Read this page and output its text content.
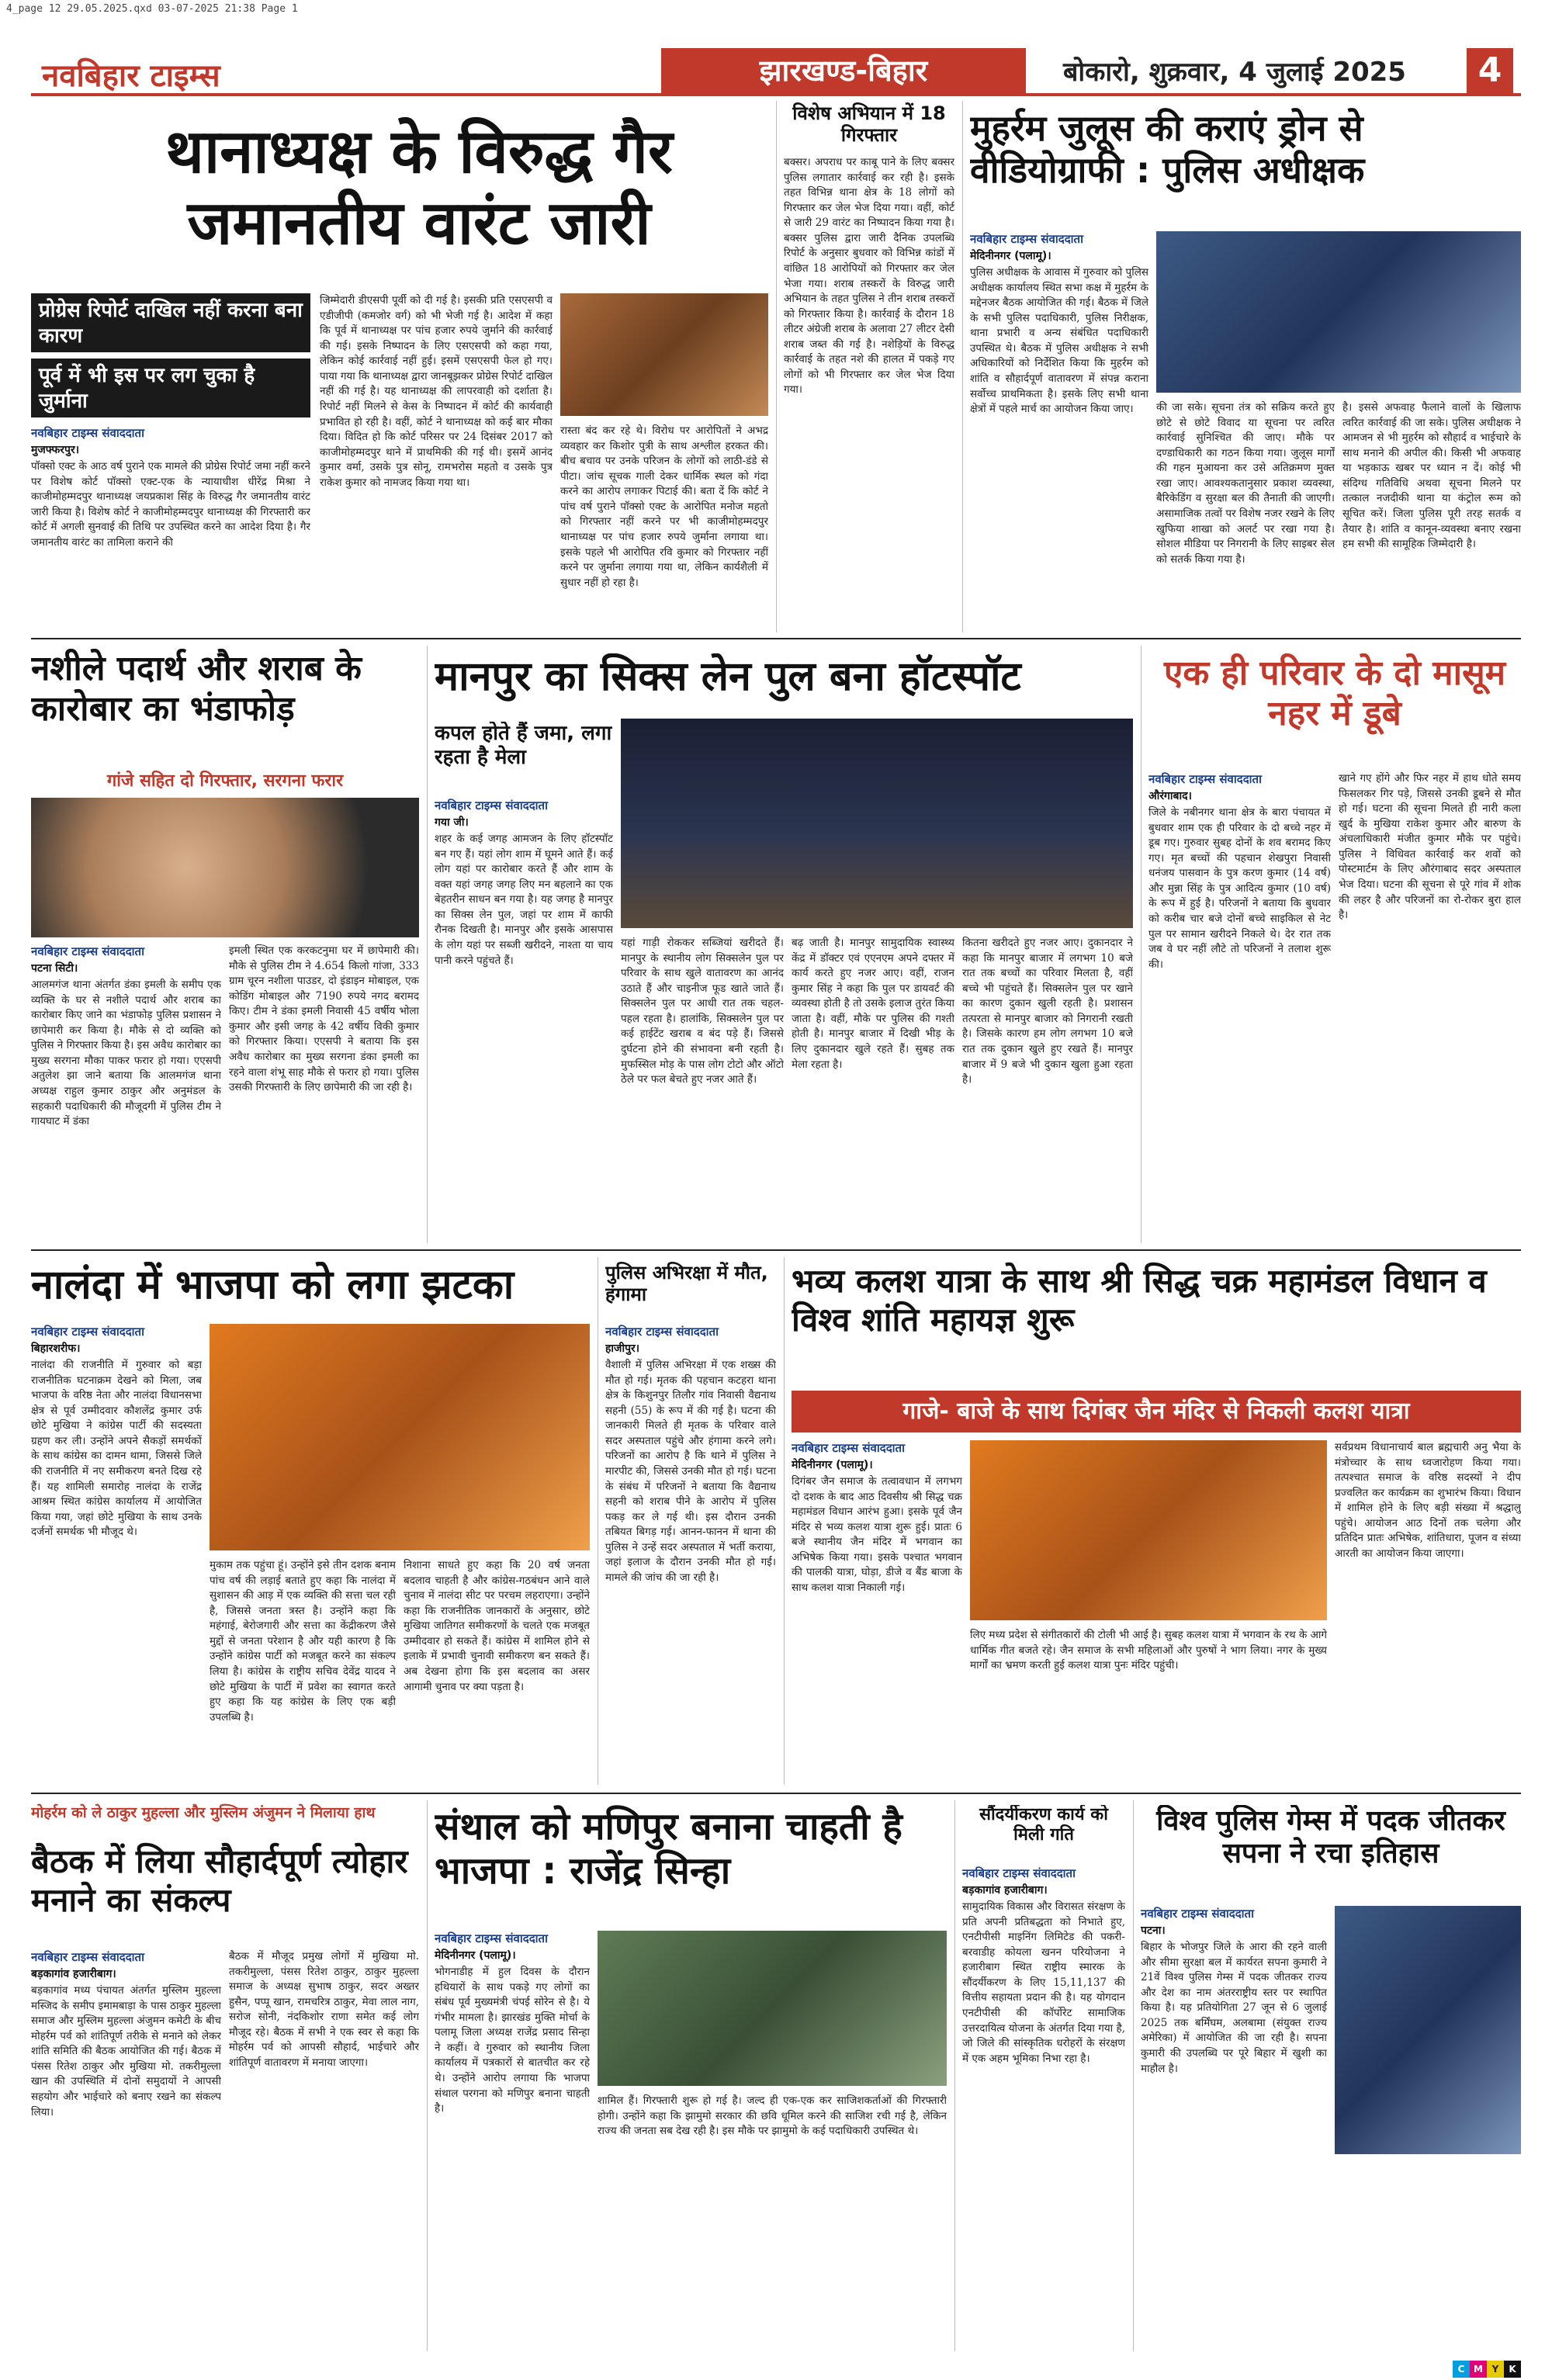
4_page 12 29.05.2025.qxd 03-07-2025 21:38 Page 1
नवबिहार टाइम्स	झारखण्ड-बिहार	बोकारो, शुक्रवार, 4 जुलाई 2025	4
थानाध्यक्ष के विरुद्ध गैर जमानतीय वारंट जारी
प्रोग्रेस रिपोर्ट दाखिल नहीं करना बना कारण
पूर्व में भी इस पर लग चुका है जुर्माना
नवबिहार टाइम्स संवाददाता
मुजफ्फरपुर।
पॉक्सो एक्ट के आठ वर्ष पुराने एक मामले की प्रोग्रेस रिपोर्ट जमा नहीं करने पर विशेष कोर्ट पॉक्सो एक्ट-एक के न्यायाधीश धीरेंद्र मिश्रा ने काजीमोहम्मदपुर थानाध्यक्ष जयप्रकाश सिंह के विरुद्ध गैर जमानतीय वारंट जारी किया है। विशेष कोर्ट ने काजीमोहम्मदपुर थानाध्यक्ष की गिरफ्तारी कर कोर्ट में अगली सुनवाई की तिथि पर उपस्थित करने का आदेश दिया है। गैर जमानतीय वारंट का तामिला कराने की
जिम्मेदारी डीएसपी पूर्वी को दी गई है। इसकी प्रति एसएसपी व एडीजीपी (कमजोर वर्ग) को भी भेजी गई है। आदेश में कहा कि पूर्व में थानाध्यक्ष पर पांच हजार रुपये जुर्माने की कार्रवाई की गई। इसके निष्पादन के लिए एसएसपी को कहा गया, लेकिन कोई कार्रवाई नहीं हुई। इसमें एसएसपी फेल हो गए। पाया गया कि थानाध्यक्ष द्वारा जानबूझकर प्रोग्रेस रिपोर्ट दाखिल नहीं की गई है। यह थानाध्यक्ष की लापरवाही को दर्शाता है। रिपोर्ट नहीं मिलने से केस के निष्पादन में कोर्ट की कार्यवाही प्रभावित हो रही है। वहीं, कोर्ट ने थानाध्यक्ष को कई बार मौका दिया। विदित हो कि कोर्ट परिसर पर 24 दिसंबर 2017 को काजीमोहम्मदपुर थाने में प्राथमिकी की गई थी। इसमें आनंद कुमार वर्मा, उसके पुत्र सोनू, रामभरोस महतो व उसके पुत्र राकेश कुमार को नामजद किया गया था।
रास्ता बंद कर रहे थे। विरोध पर आरोपितों ने अभद्र व्यवहार कर किशोर पुत्री के साथ अश्लील हरकत की। बीच बचाव पर उनके परिजन के लोगों को लाठी-डंडे से पीटा। जांच सूचक गाली देकर धार्मिक स्थल को गंदा करने का आरोप लगाकर पिटाई की। बता दें कि कोर्ट ने पांच वर्ष पुराने पॉक्सो एक्ट के आरोपित मनोज महतो को गिरफ्तार नहीं करने पर भी काजीमोहम्मदपुर थानाध्यक्ष पर पांच हजार रुपये जुर्माना लगाया था। इसके पहले भी आरोपित रवि कुमार को गिरफ्तार नहीं करने पर जुर्माना लगाया गया था, लेकिन कार्यशैली में सुधार नहीं हो रहा है।
विशेष अभियान में 18 गिरफ्तार
बक्सर। अपराध पर काबू पाने के लिए बक्सर पुलिस लगातार कार्रवाई कर रही है। इसके तहत विभिन्न थाना क्षेत्र के 18 लोगों को गिरफ्तार कर जेल भेज दिया गया। वहीं, कोर्ट से जारी 29 वारंट का निष्पादन किया गया है। बक्सर पुलिस द्वारा जारी दैनिक उपलब्धि रिपोर्ट के अनुसार बुधवार को विभिन्न कांडों में वांछित 18 आरोपियों को गिरफ्तार कर जेल भेजा गया। शराब तस्करों के विरुद्ध जारी अभियान के तहत पुलिस ने तीन शराब तस्करों को गिरफ्तार किया है। कार्रवाई के दौरान 18 लीटर अंग्रेजी शराब के अलावा 27 लीटर देसी शराब जब्त की गई है। नशेड़ियों के विरुद्ध कार्रवाई के तहत नशे की हालत में पकड़े गए लोगों को भी गिरफ्तार कर जेल भेज दिया गया।
मुहर्रम जुलूस की कराएं ड्रोन से वीडियोग्राफी : पुलिस अधीक्षक
नवबिहार टाइम्स संवाददाता
मेदिनीनगर (पलामू)।
पुलिस अधीक्षक के आवास में गुरुवार को पुलिस अधीक्षक कार्यालय स्थित सभा कक्ष में मुहर्रम के मद्देनजर बैठक आयोजित की गई। बैठक में जिले के सभी पुलिस पदाधिकारी, पुलिस निरीक्षक, थाना प्रभारी व अन्य संबंधित पदाधिकारी उपस्थित थे। बैठक में पुलिस अधीक्षक ने सभी अधिकारियों को निर्देशित किया कि मुहर्रम को शांति व सौहार्दपूर्ण वातावरण में संपन्न कराना सर्वोच्च प्राथमिकता है। इसके लिए सभी थाना क्षेत्रों में पहले मार्च का आयोजन किया जाए।	की जा सके। सूचना तंत्र को सक्रिय करते हुए छोटे से छोटे विवाद या सूचना पर त्वरित कार्रवाई सुनिश्चित की जाए। मौके पर दण्डाधिकारी का गठन किया गया। जुलूस मार्गों की गहन मुआयना कर उसे अतिक्रमण मुक्त रखा जाए। आवश्यकतानुसार प्रकाश व्यवस्था, बैरिकेडिंग व सुरक्षा बल की तैनाती की जाएगी। असामाजिक तत्वों पर विशेष नजर रखने के लिए खुफिया शाखा को अलर्ट पर रखा गया है। सोशल मीडिया पर निगरानी के लिए साइबर सेल को सतर्क किया गया है।
है। इससे अफवाह फैलाने वालों के खिलाफ त्वरित कार्रवाई की जा सके। पुलिस अधीक्षक ने आमजन से भी मुहर्रम को सौहार्द व भाईचारे के साथ मनाने की अपील की। किसी भी अफवाह या भड़काऊ खबर पर ध्यान न दें। कोई भी संदिग्ध गतिविधि अथवा सूचना मिलने पर तत्काल नजदीकी थाना या कंट्रोल रूम को सूचित करें। जिला पुलिस पूरी तरह सतर्क व तैयार है। शांति व कानून-व्यवस्था बनाए रखना हम सभी की सामूहिक जिम्मेदारी है।
नशीले पदार्थ और शराब के कारोबार का भंडाफोड़
गांजे सहित दो गिरफ्तार, सरगना फरार
नवबिहार टाइम्स संवाददाता
पटना सिटी।
आलमगंज थाना अंतर्गत डंका इमली के समीप एक व्यक्ति के घर से नशीले पदार्थ और शराब का कारोबार किए जाने का भंडाफोड़ पुलिस प्रशासन ने छापेमारी कर किया है। मौके से दो व्यक्ति को पुलिस ने गिरफ्तार किया है। इस अवैध कारोबार का मुख्य सरगना मौका पाकर फरार हो गया। एएसपी अतुलेश झा जाने बताया कि आलमगंज थाना अध्यक्ष राहुल कुमार ठाकुर और अनुमंडल के सहकारी पदाधिकारी की मौजूदगी में पुलिस टीम ने गायघाट में डंका
इमली स्थित एक करकटनुमा घर में छापेमारी की। मौके से पुलिस टीम ने 4.654 किलो गांजा, 333 ग्राम चूरन नशीला पाउडर, दो इंडाइन मोबाइल, एक कोडिंग मोबाइल और 7190 रुपये नगद बरामद किए। टीम ने डंका इमली निवासी 45 वर्षीय भोला कुमार और इसी जगह के 42 वर्षीय विकी कुमार को गिरफ्तार किया। एएसपी ने बताया कि इस अवैध कारोबार का मुख्य सरगना डंका इमली का रहने वाला शंभू साह मौके से फरार हो गया। पुलिस उसकी गिरफ्तारी के लिए छापेमारी की जा रही है।
मानपुर का सिक्स लेन पुल बना हॉटस्पॉट
कपल होते हैं जमा, लगा रहता है मेला
नवबिहार टाइम्स संवाददाता
गया जी।
शहर के कई जगह आमजन के लिए हॉटस्पॉट बन गए हैं। यहां लोग शाम में घूमने आते हैं। कई लोग यहां पर कारोबार करते हैं और शाम के वक्त यहां जगह जगह लिए मन बहलाने का एक बेहतरीन साधन बन गया है। यह जगह है मानपुर का सिक्स लेन पुल, जहां पर शाम में काफी रौनक दिखती है। मानपुर और इसके आसपास के लोग यहां पर सब्जी खरीदने, नाश्ता या चाय पानी करने पहुंचते हैं।
यहां गाड़ी रोककर सब्जियां खरीदते हैं। मानपुर के स्थानीय लोग सिक्सलेन पुल पर परिवार के साथ खुले वातावरण का आनंद उठाते हैं और चाइनीज फूड खाते जाते हैं। सिक्सलेन पुल पर आधी रात तक चहल-पहल रहता है। हालांकि, सिक्सलेन पुल पर कई हाईटेंट खराब व बंद पड़े हैं। जिससे दुर्घटना होने की संभावना बनी रहती है। मुफस्सिल मोड़ के पास लोग टोटो और ऑटो ठेले पर फल बेचते हुए नजर आते हैं।
बढ़ जाती है। मानपुर सामुदायिक स्वास्थ्य केंद्र में डॉक्टर एवं एएनएम अपने दफ्तर में कार्य करते हुए नजर आए। वहीं, राजन कुमार सिंह ने कहा कि पुल पर डायवर्ट की व्यवस्था होती है तो उसके इलाज तुरंत किया जाता है। वहीं, मौके पर पुलिस की गश्ती होती है। मानपुर बाजार में दिखी भीड़ के लिए दुकानदार खुले रहते हैं। सुबह तक मेला रहता है।
कितना खरीदते हुए नजर आए। दुकानदार ने कहा कि मानपुर बाजार में लगभग 10 बजे रात तक बच्चों का परिवार मिलता है, वहीं बच्चे भी पहुंचते हैं। सिक्सलेन पुल पर खाने का कारण दुकान खुली रहती है। प्रशासन तत्परता से मानपुर बाजार को निगरानी रखती है। जिसके कारण हम लोग लगभग 10 बजे रात तक दुकान खुले हुए रखते हैं। मानपुर बाजार में 9 बजे भी दुकान खुला हुआ रहता है।
एक ही परिवार के दो मासूम नहर में डूबे
नवबिहार टाइम्स संवाददाता
औरंगाबाद।
जिले के नबीनगर थाना क्षेत्र के बारा पंचायत में बुधवार शाम एक ही परिवार के दो बच्चे नहर में डूब गए। गुरुवार सुबह दोनों के शव बरामद किए गए। मृत बच्चों की पहचान शेखपुरा निवासी धनंजय पासवान के पुत्र करण कुमार (14 वर्ष) और मुन्ना सिंह के पुत्र आदित्य कुमार (10 वर्ष) के रूप में हुई है। परिजनों ने बताया कि बुधवार को करीब चार बजे दोनों बच्चे साइकिल से नेट पुल पर सामान खरीदने निकले थे। देर रात तक जब वे घर नहीं लौटे तो परिजनों ने तलाश शुरू की।
खाने गए होंगे और फिर नहर में हाथ धोते समय फिसलकर गिर पड़े, जिससे उनकी डूबने से मौत हो गई। घटना की सूचना मिलते ही नारी कला खुर्द के मुखिया राकेश कुमार और बारुण के अंचलाधिकारी मंजीत कुमार मौके पर पहुंचे। पुलिस ने विधिवत कार्रवाई कर शवों को पोस्टमार्टम के लिए औरंगाबाद सदर अस्पताल भेज दिया। घटना की सूचना से पूरे गांव में शोक की लहर है और परिजनों का रो-रोकर बुरा हाल है।
नालंदा में भाजपा को लगा झटका
नवबिहार टाइम्स संवाददाता
बिहारशरीफ।
नालंदा की राजनीति में गुरुवार को बड़ा राजनीतिक घटनाक्रम देखने को मिला, जब भाजपा के वरिष्ठ नेता और नालंदा विधानसभा क्षेत्र से पूर्व उम्मीदवार कौशलेंद्र कुमार उर्फ छोटे मुखिया ने कांग्रेस पार्टी की सदस्यता ग्रहण कर ली। उन्होंने अपने सैकड़ों समर्थकों के साथ कांग्रेस का दामन थामा, जिससे जिले की राजनीति में नए समीकरण बनते दिख रहे हैं। यह शामिली समारोह नालंदा के राजेंद्र आश्रम स्थित कांग्रेस कार्यालय में आयोजित किया गया, जहां छोटे मुखिया के साथ उनके दर्जनों समर्थक भी मौजूद थे।
मुकाम तक पहुंचा हूं। उन्होंने इसे तीन दशक बनाम पांच वर्ष की लड़ाई बताते हुए कहा कि नालंदा में सुशासन की आड़ में एक व्यक्ति की सत्ता चल रही है, जिससे जनता त्रस्त है। उन्होंने कहा कि महंगाई, बेरोजगारी और सत्ता का केंद्रीकरण जैसे मुद्दों से जनता परेशान है और यही कारण है कि उन्होंने कांग्रेस पार्टी को मजबूत करने का संकल्प लिया है। कांग्रेस के राष्ट्रीय सचिव देवेंद्र यादव ने छोटे मुखिया के पार्टी में प्रवेश का स्वागत करते हुए कहा कि यह कांग्रेस के लिए एक बड़ी उपलब्धि है।
निशाना साधते हुए कहा कि 20 वर्ष जनता बदलाव चाहती है और कांग्रेस-गठबंधन आने वाले चुनाव में नालंदा सीट पर परचम लहराएगा। उन्होंने कहा कि राजनीतिक जानकारों के अनुसार, छोटे मुखिया जातिगत समीकरणों के चलते एक मजबूत उम्मीदवार हो सकते हैं। कांग्रेस में शामिल होने से इलाके में प्रभावी चुनावी समीकरण बन सकते हैं। अब देखना होगा कि इस बदलाव का असर आगामी चुनाव पर क्या पड़ता है।
पुलिस अभिरक्षा में मौत, हंगामा
नवबिहार टाइम्स संवाददाता
हाजीपुर।
वैशाली में पुलिस अभिरक्षा में एक शख्स की मौत हो गई। मृतक की पहचान कटहरा थाना क्षेत्र के किशुनपुर तिलौर गांव निवासी वैद्यनाथ सहनी (55) के रूप में की गई है। घटना की जानकारी मिलते ही मृतक के परिवार वाले सदर अस्पताल पहुंचे और हंगामा करने लगे। परिजनों का आरोप है कि थाने में पुलिस ने मारपीट की, जिससे उनकी मौत हो गई। घटना के संबंध में परिजनों ने बताया कि वैद्यनाथ सहनी को शराब पीने के आरोप में पुलिस पकड़ कर ले गई थी। इस दौरान उनकी तबियत बिगड़ गई। आनन-फानन में थाना की पुलिस ने उन्हें सदर अस्पताल में भर्ती कराया, जहां इलाज के दौरान उनकी मौत हो गई। मामले की जांच की जा रही है।
भव्य कलश यात्रा के साथ श्री सिद्ध चक्र महामंडल विधान व विश्व शांति महायज्ञ शुरू
गाजे- बाजे के साथ दिगंबर जैन मंदिर से निकली कलश यात्रा
नवबिहार टाइम्स संवाददाता
मेदिनीनगर (पलामू)।
दिगंबर जैन समाज के तत्वावधान में लगभग दो दशक के बाद आठ दिवसीय श्री सिद्ध चक्र महामंडल विधान आरंभ हुआ। इसके पूर्व जैन मंदिर से भव्य कलश यात्रा शुरू हुई। प्रातः 6 बजे स्थानीय जैन मंदिर में भगवान का अभिषेक किया गया। इसके पश्चात भगवान की पालकी यात्रा, घोड़ा, डीजे व बैंड बाजा के साथ कलश यात्रा निकाली गई।
लिए मध्य प्रदेश से संगीतकारों की टोली भी आई है। सुबह कलश यात्रा में भगवान के रथ के आगे धार्मिक गीत बजते रहे। जैन समाज के सभी महिलाओं और पुरुषों ने भाग लिया। नगर के मुख्य मार्गों का भ्रमण करती हुई कलश यात्रा पुनः मंदिर पहुंची।
सर्वप्रथम विधानाचार्य बाल ब्रह्मचारी अनु भैया के मंत्रोच्चार के साथ ध्वजारोहण किया गया। तत्पश्चात समाज के वरिष्ठ सदस्यों ने दीप प्रज्वलित कर कार्यक्रम का शुभारंभ किया। विधान में शामिल होने के लिए बड़ी संख्या में श्रद्धालु पहुंचे। आयोजन आठ दिनों तक चलेगा और प्रतिदिन प्रातः अभिषेक, शांतिधारा, पूजन व संध्या आरती का आयोजन किया जाएगा।
मोहर्रम को ले ठाकुर मुहल्ला और मुस्लिम अंजुमन ने मिलाया हाथ
बैठक में लिया सौहार्दपूर्ण त्योहार मनाने का संकल्प
नवबिहार टाइम्स संवाददाता
बड़कागांव हजारीबाग।
बड़कागांव मध्य पंचायत अंतर्गत मुस्लिम मुहल्ला मस्जिद के समीप इमामबाड़ा के पास ठाकुर मुहल्ला समाज और मुस्लिम मुहल्ला अंजुमन कमेटी के बीच मोहर्रम पर्व को शांतिपूर्ण तरीके से मनाने को लेकर शांति समिति की बैठक आयोजित की गई। बैठक में पंसस रितेश ठाकुर और मुखिया मो. तकरीमुल्ला खान की उपस्थिति में दोनों समुदायों ने आपसी सहयोग और भाईचारे को बनाए रखने का संकल्प लिया।
बैठक में मौजूद प्रमुख लोगों में मुखिया मो. तकरीमुल्ला, पंसस रितेश ठाकुर, ठाकुर मुहल्ला समाज के अध्यक्ष सुभाष ठाकुर, सदर अख्तर हुसैन, पप्पू खान, रामचरित्र ठाकुर, मेवा लाल नाग, सरोज सोनी, नंदकिशोर राणा समेत कई लोग मौजूद रहे। बैठक में सभी ने एक स्वर से कहा कि मोहर्रम पर्व को आपसी सौहार्द, भाईचारे और शांतिपूर्ण वातावरण में मनाया जाएगा।
संथाल को मणिपुर बनाना चाहती है भाजपा : राजेंद्र सिन्हा
नवबिहार टाइम्स संवाददाता
मेदिनीनगर (पलामू)।
भोगनाडीह में हुल दिवस के दौरान हथियारों के साथ पकड़े गए लोगों का संबंध पूर्व मुख्यमंत्री चंपई सोरेन से है। ये गंभीर मामला है। झारखंड मुक्ति मोर्चा के पलामू जिला अध्यक्ष राजेंद्र प्रसाद सिन्हा ने कहीं। वे गुरुवार को स्थानीय जिला कार्यालय में पत्रकारों से बातचीत कर रहे थे। उन्होंने आरोप लगाया कि भाजपा संथाल परगना को मणिपुर बनाना चाहती है।
शामिल हैं। गिरफ्तारी शुरू हो गई है। जल्द ही एक-एक कर साजिशकर्ताओं की गिरफ्तारी होगी। उन्होंने कहा कि झामुमो सरकार की छवि धूमिल करने की साजिश रची गई है, लेकिन राज्य की जनता सब देख रही है। इस मौके पर झामुमो के कई पदाधिकारी उपस्थित थे।
सौंदर्यीकरण कार्य को मिली गति
नवबिहार टाइम्स संवाददाता
बड़कागांव हजारीबाग।
सामुदायिक विकास और विरासत संरक्षण के प्रति अपनी प्रतिबद्धता को निभाते हुए, एनटीपीसी माइनिंग लिमिटेड की पकरी-बरवाडीह कोयला खनन परियोजना ने हजारीबाग स्थित राष्ट्रीय स्मारक के सौंदर्यीकरण के लिए 15,11,137 की वित्तीय सहायता प्रदान की है। यह योगदान एनटीपीसी की कॉर्पोरेट सामाजिक उत्तरदायित्व योजना के अंतर्गत दिया गया है, जो जिले की सांस्कृतिक धरोहरों के संरक्षण में एक अहम भूमिका निभा रहा है।
विश्व पुलिस गेम्स में पदक जीतकर सपना ने रचा इतिहास
नवबिहार टाइम्स संवाददाता
पटना।
बिहार के भोजपुर जिले के आरा की रहने वाली और सीमा सुरक्षा बल में कार्यरत सपना कुमारी ने 21वें विश्व पुलिस गेम्स में पदक जीतकर राज्य और देश का नाम अंतरराष्ट्रीय स्तर पर स्थापित किया है। यह प्रतियोगिता 27 जून से 6 जुलाई 2025 तक बर्मिंघम, अलबामा (संयुक्त राज्य अमेरिका) में आयोजित की जा रही है। सपना कुमारी की उपलब्धि पर पूरे बिहार में खुशी का माहौल है।
C M Y K
